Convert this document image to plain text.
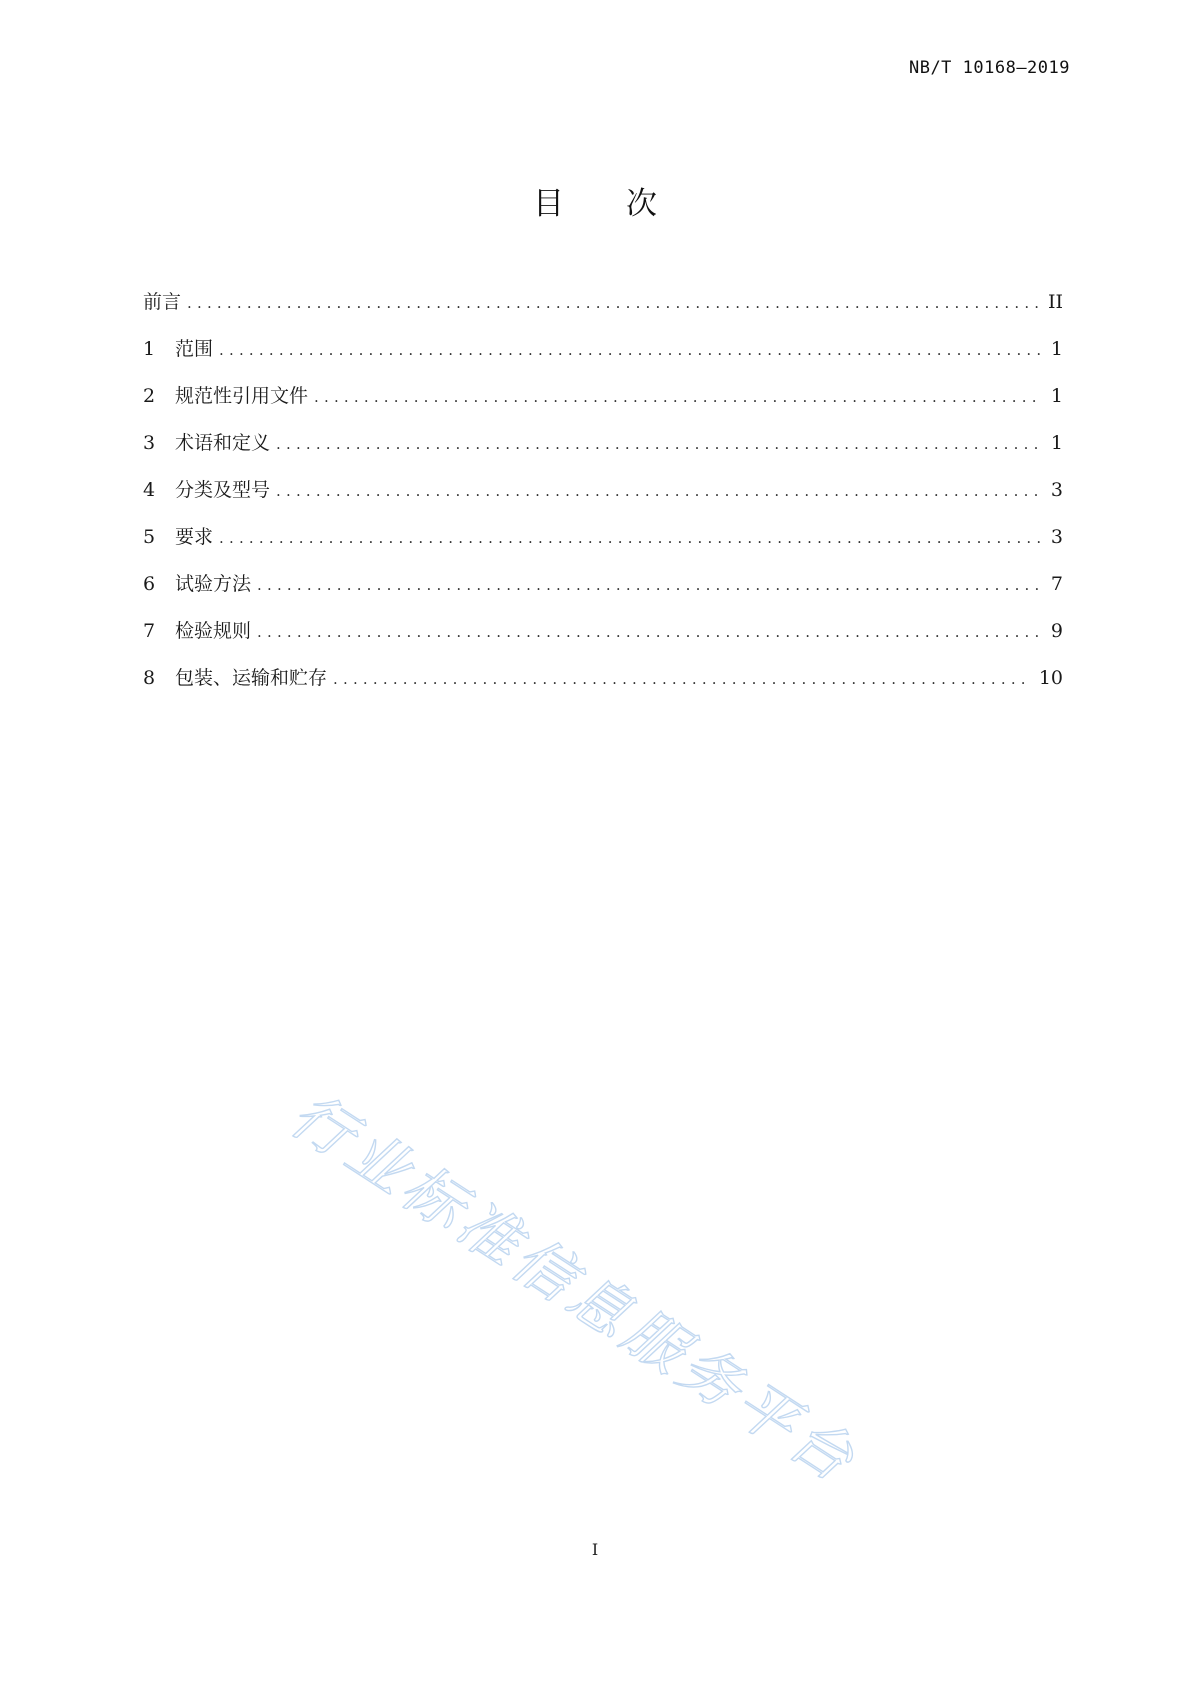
NB/T 10168—2019
目次
前言 .....	II
1	范围 .....	1
2	规范性引用文件 .....	1
3	术语和定义 .....	1
4	分类及型号 .....	3
5	要求 .....	3
6	试验方法 .....	7
7	检验规则 .....	9
8	包装、运输和贮存 .....	10
行业标准信息服务平台
I
